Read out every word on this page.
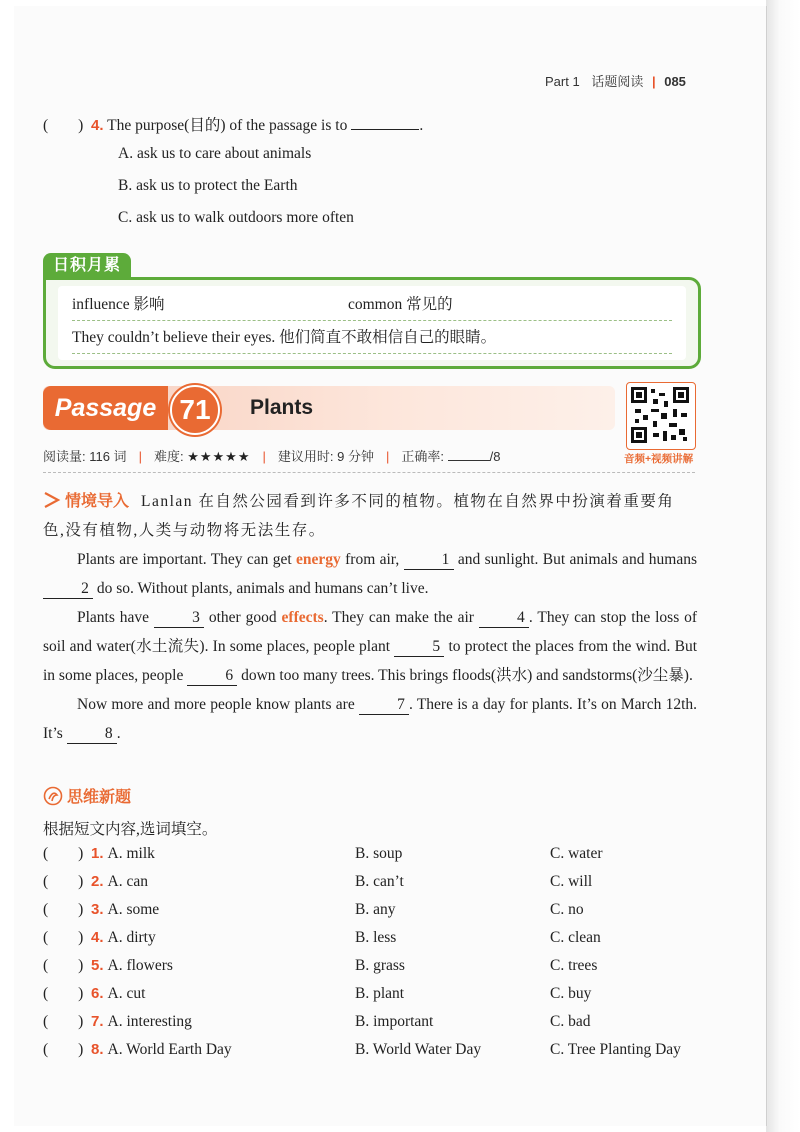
Part 1 话题阅读 | 085
( ) 4. The purpose(目的) of the passage is to	.
A. ask us to care about animals
B. ask us to protect the Earth
C. ask us to walk outdoors more often
日积月累
influence 影响	common 常见的
They couldn’t believe their eyes. 他们简直不敢相信自己的眼睛。
Passage 71	Plants
音频+视频讲解
阅读量: 116 词 | 难度: ★★★★★ | 建议用时: 9 分钟 | 正确率:	/8
情境导入 Lanlan 在自然公园看到许多不同的植物。植物在自然界中扮演着重要角
色,没有植物,人类与动物将无法生存。

Plants are important. They can get energy from air,	1 and sunlight. But animals and humans 2 do so. Without plants, animals and humans can’t live.

Plants have	3 other good effects. They can make the air	4 . They can stop the loss of soil and water(水土流失). In some places, people plant	5 to protect the places from the wind. But in some places, people	6 down too many trees. This brings floods(洪水) and sandstorms(沙尘暴).

Now more and more people know plants are	7 . There is a day for plants. It’s on March 12th. It’s	8 .

思维新题
根据短文内容,选词填空。
( ) 1. A. milk	B. soup	C. water
( ) 2. A. can	B. can’t	C. will
( ) 3. A. some	B. any	C. no
( ) 4. A. dirty	B. less	C. clean
( ) 5. A. flowers	B. grass	C. trees
( ) 6. A. cut	B. plant	C. buy
( ) 7. A. interesting	B. important	C. bad
( ) 8. A. World Earth Day	B. World Water Day	C. Tree Planting Day
